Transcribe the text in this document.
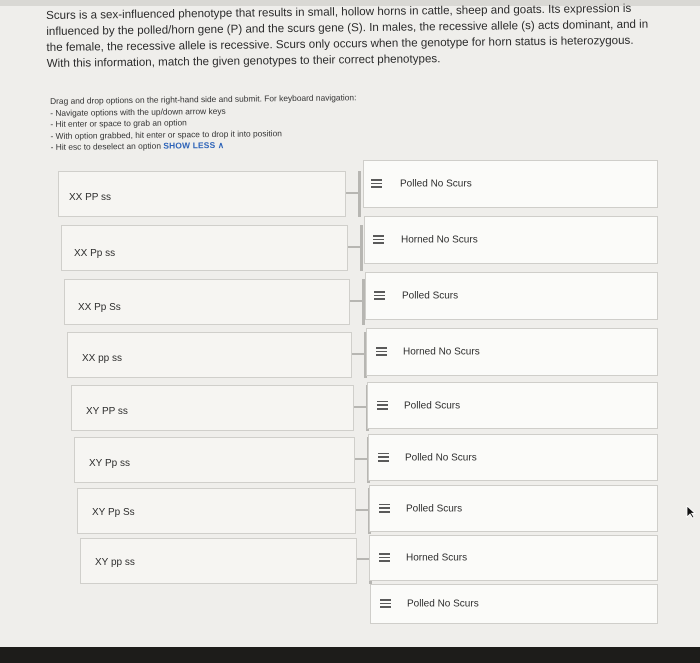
Scurs is a sex-influenced phenotype that results in small, hollow horns in cattle, sheep and goats. Its expression is influenced by the polled/horn gene (P) and the scurs gene (S). In males, the recessive allele (s) acts dominant, and in the female, the recessive allele is recessive. Scurs only occurs when the genotype for horn status is heterozygous. With this information, match the given genotypes to their correct phenotypes.
Drag and drop options on the right-hand side and submit. For keyboard navigation:
- Navigate options with the up/down arrow keys
- Hit enter or space to grab an option
- With option grabbed, hit enter or space to drop it into position
- Hit esc to deselect an option SHOW LESS ∧
XX PP ss
Polled No Scurs
XX Pp ss
Horned No Scurs
XX Pp Ss
Polled Scurs
XX pp ss
Horned No Scurs
XY PP ss
Polled Scurs
XY Pp ss
Polled No Scurs
XY Pp Ss	Polled Scurs
XY pp ss	Horned Scurs
Polled No Scurs
